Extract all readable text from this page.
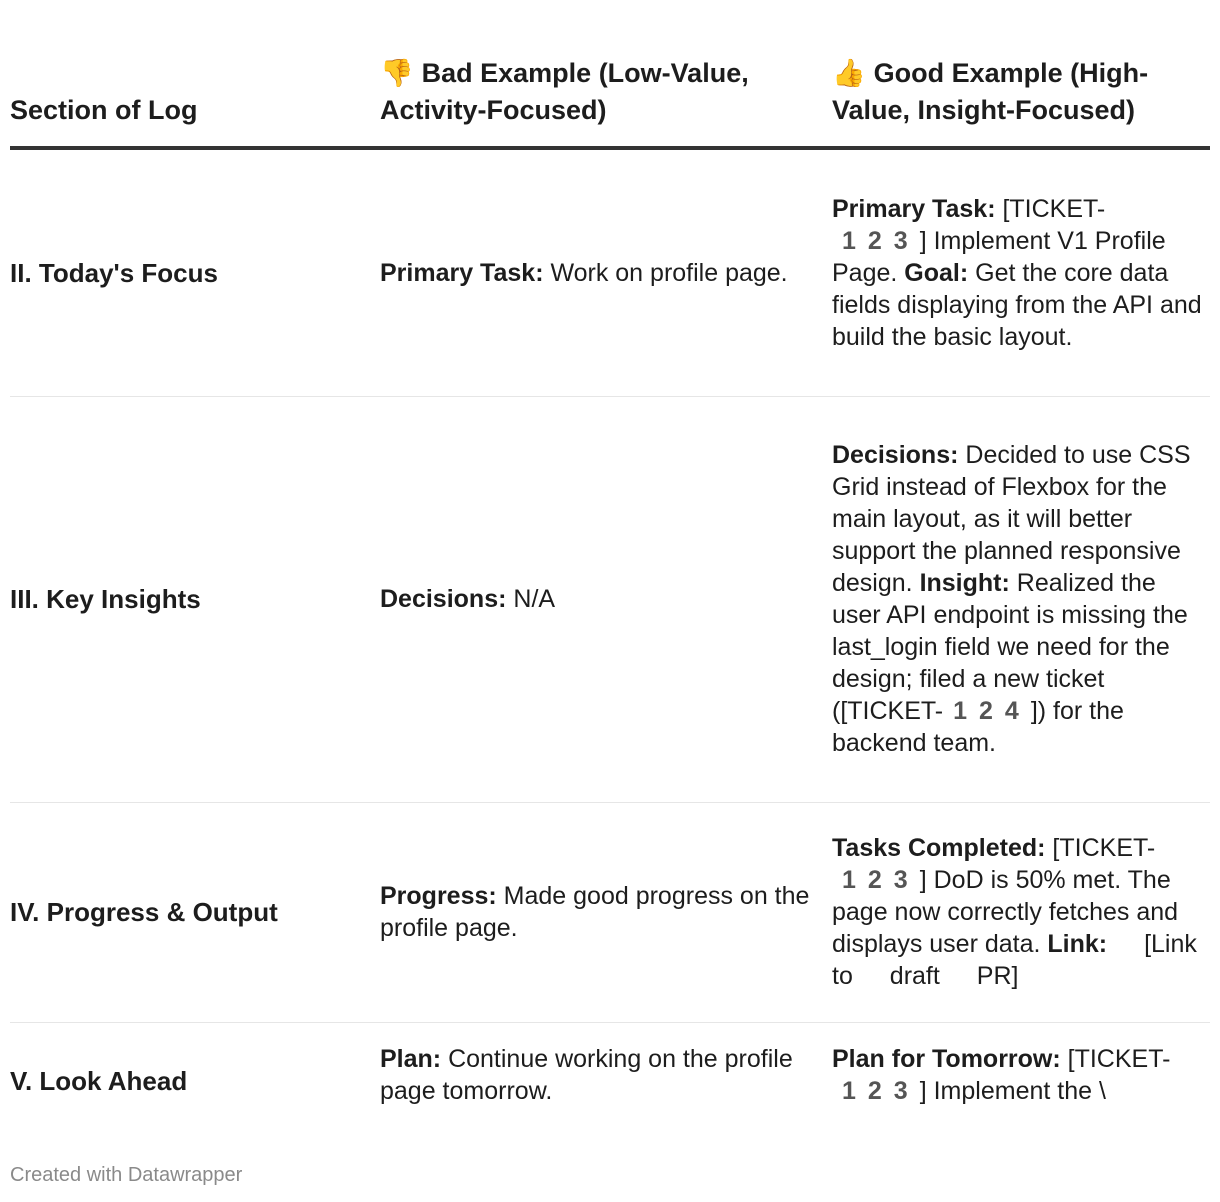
Section of Log	👎 Bad Example (Low-Value, Activity-Focused)	👍 Good Example (High-Value, Insight-Focused)
II. Today's Focus	Primary Task: Work on profile page.	Primary Task: [TICKET-
123] Implement V1 Profile Page. Goal: Get the core data fields displaying from the API and build the basic layout.
III. Key Insights	Decisions: N/A	Decisions: Decided to use CSS Grid instead of Flexbox for the main layout, as it will better support the planned responsive design. Insight: Realized the user API endpoint is missing the last_login field we need for the design; filed a new ticket ([TICKET- 124]) for the backend team.
IV. Progress & Output	Progress: Made good progress on the profile page.	Tasks Completed: [TICKET-
123] DoD is 50% met. The page now correctly fetches and displays user data. Link: [Link to draft PR]
V. Look Ahead	Plan: Continue working on the profile page tomorrow.	Plan for Tomorrow: [TICKET-
123] Implement the \
Created with Datawrapper
